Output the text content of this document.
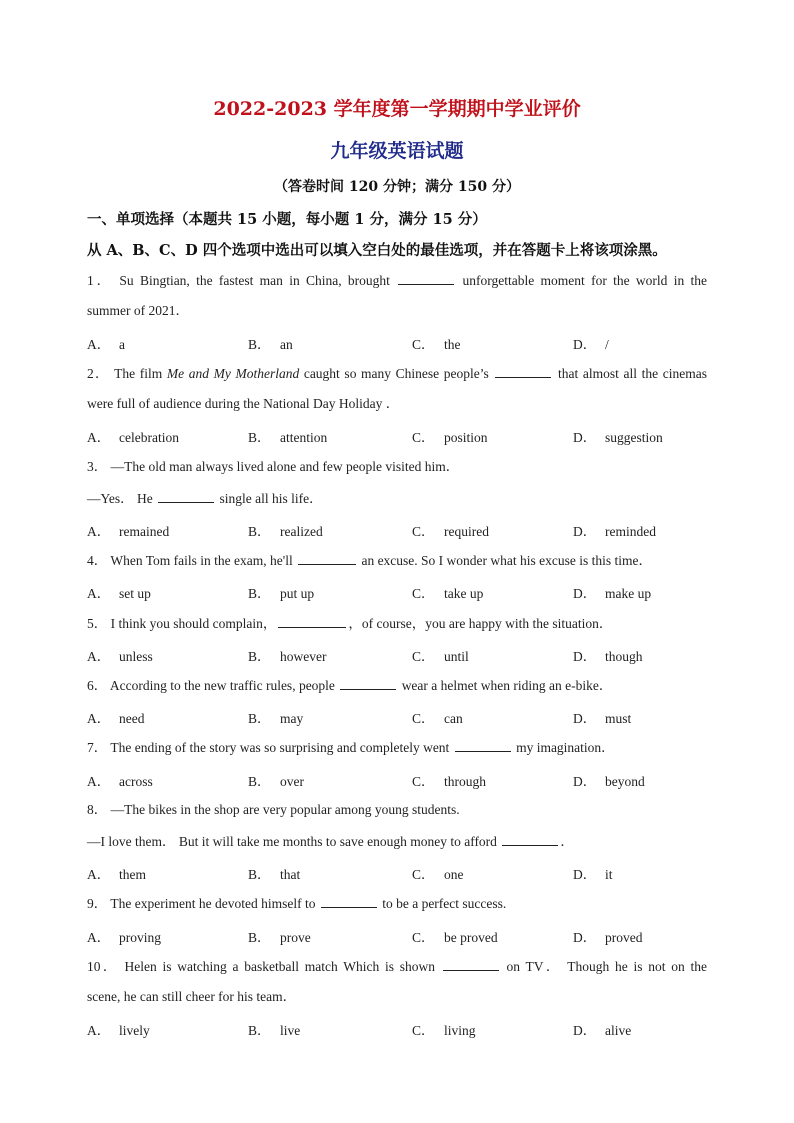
2022-2023 学年度第一学期期中学业评价
九年级英语试题
（答卷时间 120 分钟；满分 150 分）
一、单项选择（本题共 15 小题，每小题 1 分，满分 15 分）
从 A、B、C、D 四个选项中选出可以填入空白处的最佳选项，并在答题卡上将该项涂黑。
1． Su Bingtian, the fastest man in China, brought	unforgettable moment for the world in the
summer of 2021．
A． a	B． an	C． the	D． /
2． The film Me and My Motherland caught so many Chinese people’s	that almost all the cinemas
were full of audience during the National Day Holiday ．
A． celebration	B． attention	C． position	D． suggestion
3． —The old man always lived alone and few people visited him．
—Yes． He	single all his life．
A． remained	B． realized	C． required	D． reminded
4． When Tom fails in the exam, he'll	an excuse. So I wonder what his excuse is this time．
A． set up	B． put up	C． take up	D． make up
5． I think you should complain，	，of course，you are happy with the situation．
A． unless	B． however	C． until	D． though
6． According to the new traffic rules, people	wear a helmet when riding an e-bike．
A． need	B． may	C． can	D． must
7． The ending of the story was so surprising and completely went	my imagination．
A． across	B． over	C． through	D． beyond
8． —The bikes in the shop are very popular among young students.
—I love them． But it will take me months to save enough money to afford	．
A． them	B． that	C． one	D． it
9． The experiment he devoted himself to	to be a perfect success.
A． proving	B． prove	C． be proved	D． proved
10． Helen is watching a basketball match Which is shown	on TV． Though he is not on the
scene, he can still cheer for his team．
A． lively	B． live	C． living	D． alive
